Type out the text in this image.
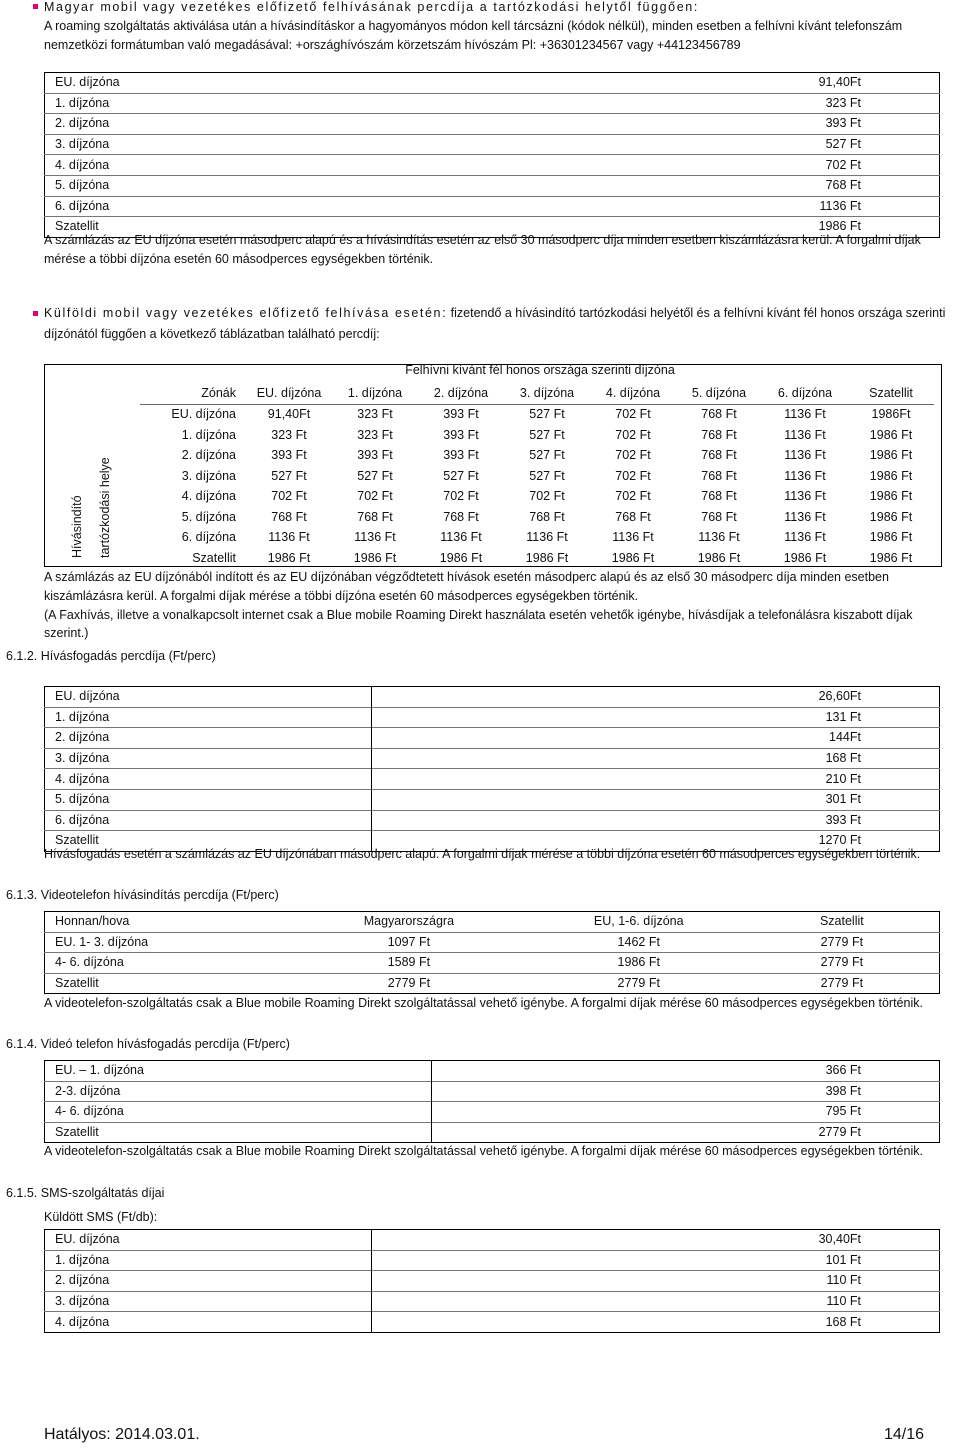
Magyar mobil vagy vezetékes előfizető felhívásának percdíja a tartózkodási helytől függően:

A roaming szolgáltatás aktiválása után a hívásindításkor a hagyományos módon kell tárcsázni (kódok nélkül), minden esetben a felhívni kívánt telefonszám

nemzetközi formátumban való megadásával: +országhívószám körzetszám hívószám Pl: +36301234567 vagy +44123456789

EU. díjzóna	91,40Ft
1. díjzóna	323 Ft
2. díjzóna	393 Ft
3. díjzóna	527 Ft
4. díjzóna	702 Ft
5. díjzóna	768 Ft
6. díjzóna	1136 Ft
Szatellit	1986 Ft

A számlázás az EU díjzóna esetén másodperc alapú és a hívásindítás esetén az első 30 másodperc díja minden esetben kiszámlázásra kerül. A forgalmi díjak

mérése a többi díjzóna esetén 60 másodperces egységekben történik.

Külföldi mobil vagy vezetékes előfizető felhívása esetén: fizetendő a hívásindító tartózkodási helyétől és a felhívni kívánt fél honos országa szerinti

díjzónától függően a következő táblázatban található percdíj:

Felhívni kívánt fél honos országa szerinti díjzóna
Hívásindító tartózkodási helye
Zónák	EU. díjzóna	1. díjzóna	2. díjzóna	3. díjzóna	4. díjzóna	5. díjzóna	6. díjzóna	Szatellit
EU. díjzóna	91,40Ft	323 Ft	393 Ft	527 Ft	702 Ft	768 Ft	1136 Ft	1986Ft
1. díjzóna	323 Ft	323 Ft	393 Ft	527 Ft	702 Ft	768 Ft	1136 Ft	1986 Ft
2. díjzóna	393 Ft	393 Ft	393 Ft	527 Ft	702 Ft	768 Ft	1136 Ft	1986 Ft
3. díjzóna	527 Ft	527 Ft	527 Ft	527 Ft	702 Ft	768 Ft	1136 Ft	1986 Ft
4. díjzóna	702 Ft	702 Ft	702 Ft	702 Ft	702 Ft	768 Ft	1136 Ft	1986 Ft
5. díjzóna	768 Ft	768 Ft	768 Ft	768 Ft	768 Ft	768 Ft	1136 Ft	1986 Ft
6. díjzóna	1136 Ft	1136 Ft	1136 Ft	1136 Ft	1136 Ft	1136 Ft	1136 Ft	1986 Ft
Szatellit	1986 Ft	1986 Ft	1986 Ft	1986 Ft	1986 Ft	1986 Ft	1986 Ft	1986 Ft

A számlázás az EU díjzónából indított és az EU díjzónában végződtetett hívások esetén másodperc alapú és az első 30 másodperc díja minden esetben

kiszámlázásra kerül. A forgalmi díjak mérése a többi díjzóna esetén 60 másodperces egységekben történik.

(A Faxhívás, illetve a vonalkapcsolt internet csak a Blue mobile Roaming Direkt használata esetén vehetők igénybe, hívásdíjak a telefonálásra kiszabott díjak szerint.)

6.1.2. Hívásfogadás percdíja (Ft/perc)
EU. díjzóna	26,60Ft
1. díjzóna	131 Ft
2. díjzóna	144Ft
3. díjzóna	168 Ft
4. díjzóna	210 Ft
5. díjzóna	301 Ft
6. díjzóna	393 Ft
Szatellit	1270 Ft

Hívásfogadás esetén a számlázás az EU díjzónában másodperc alapú. A forgalmi díjak mérése a többi díjzóna esetén 60 másodperces egységekben történik.

6.1.3. Videotelefon hívásindítás percdíja (Ft/perc)
Honnan/hova	Magyarországra	EU, 1-6. díjzóna	Szatellit
EU. 1- 3. díjzóna	1097 Ft	1462 Ft	2779 Ft
4- 6. díjzóna	1589 Ft	1986 Ft	2779 Ft
Szatellit	2779 Ft	2779 Ft	2779 Ft

A videotelefon-szolgáltatás csak a Blue mobile Roaming Direkt szolgáltatással vehető igénybe. A forgalmi díjak mérése 60 másodperces egységekben történik.

6.1.4. Videó telefon hívásfogadás percdíja (Ft/perc)
EU. – 1. díjzóna	366 Ft
2-3. díjzóna	398 Ft
4- 6. díjzóna	795 Ft
Szatellit	2779 Ft

A videotelefon-szolgáltatás csak a Blue mobile Roaming Direkt szolgáltatással vehető igénybe. A forgalmi díjak mérése 60 másodperces egységekben történik.

6.1.5. SMS-szolgáltatás díjai
Küldött SMS (Ft/db):
EU. díjzóna	30,40Ft
1. díjzóna	101 Ft
2. díjzóna	110 Ft
3. díjzóna	110 Ft
4. díjzóna	168 Ft
Hatályos: 2014.03.01.	14/16
